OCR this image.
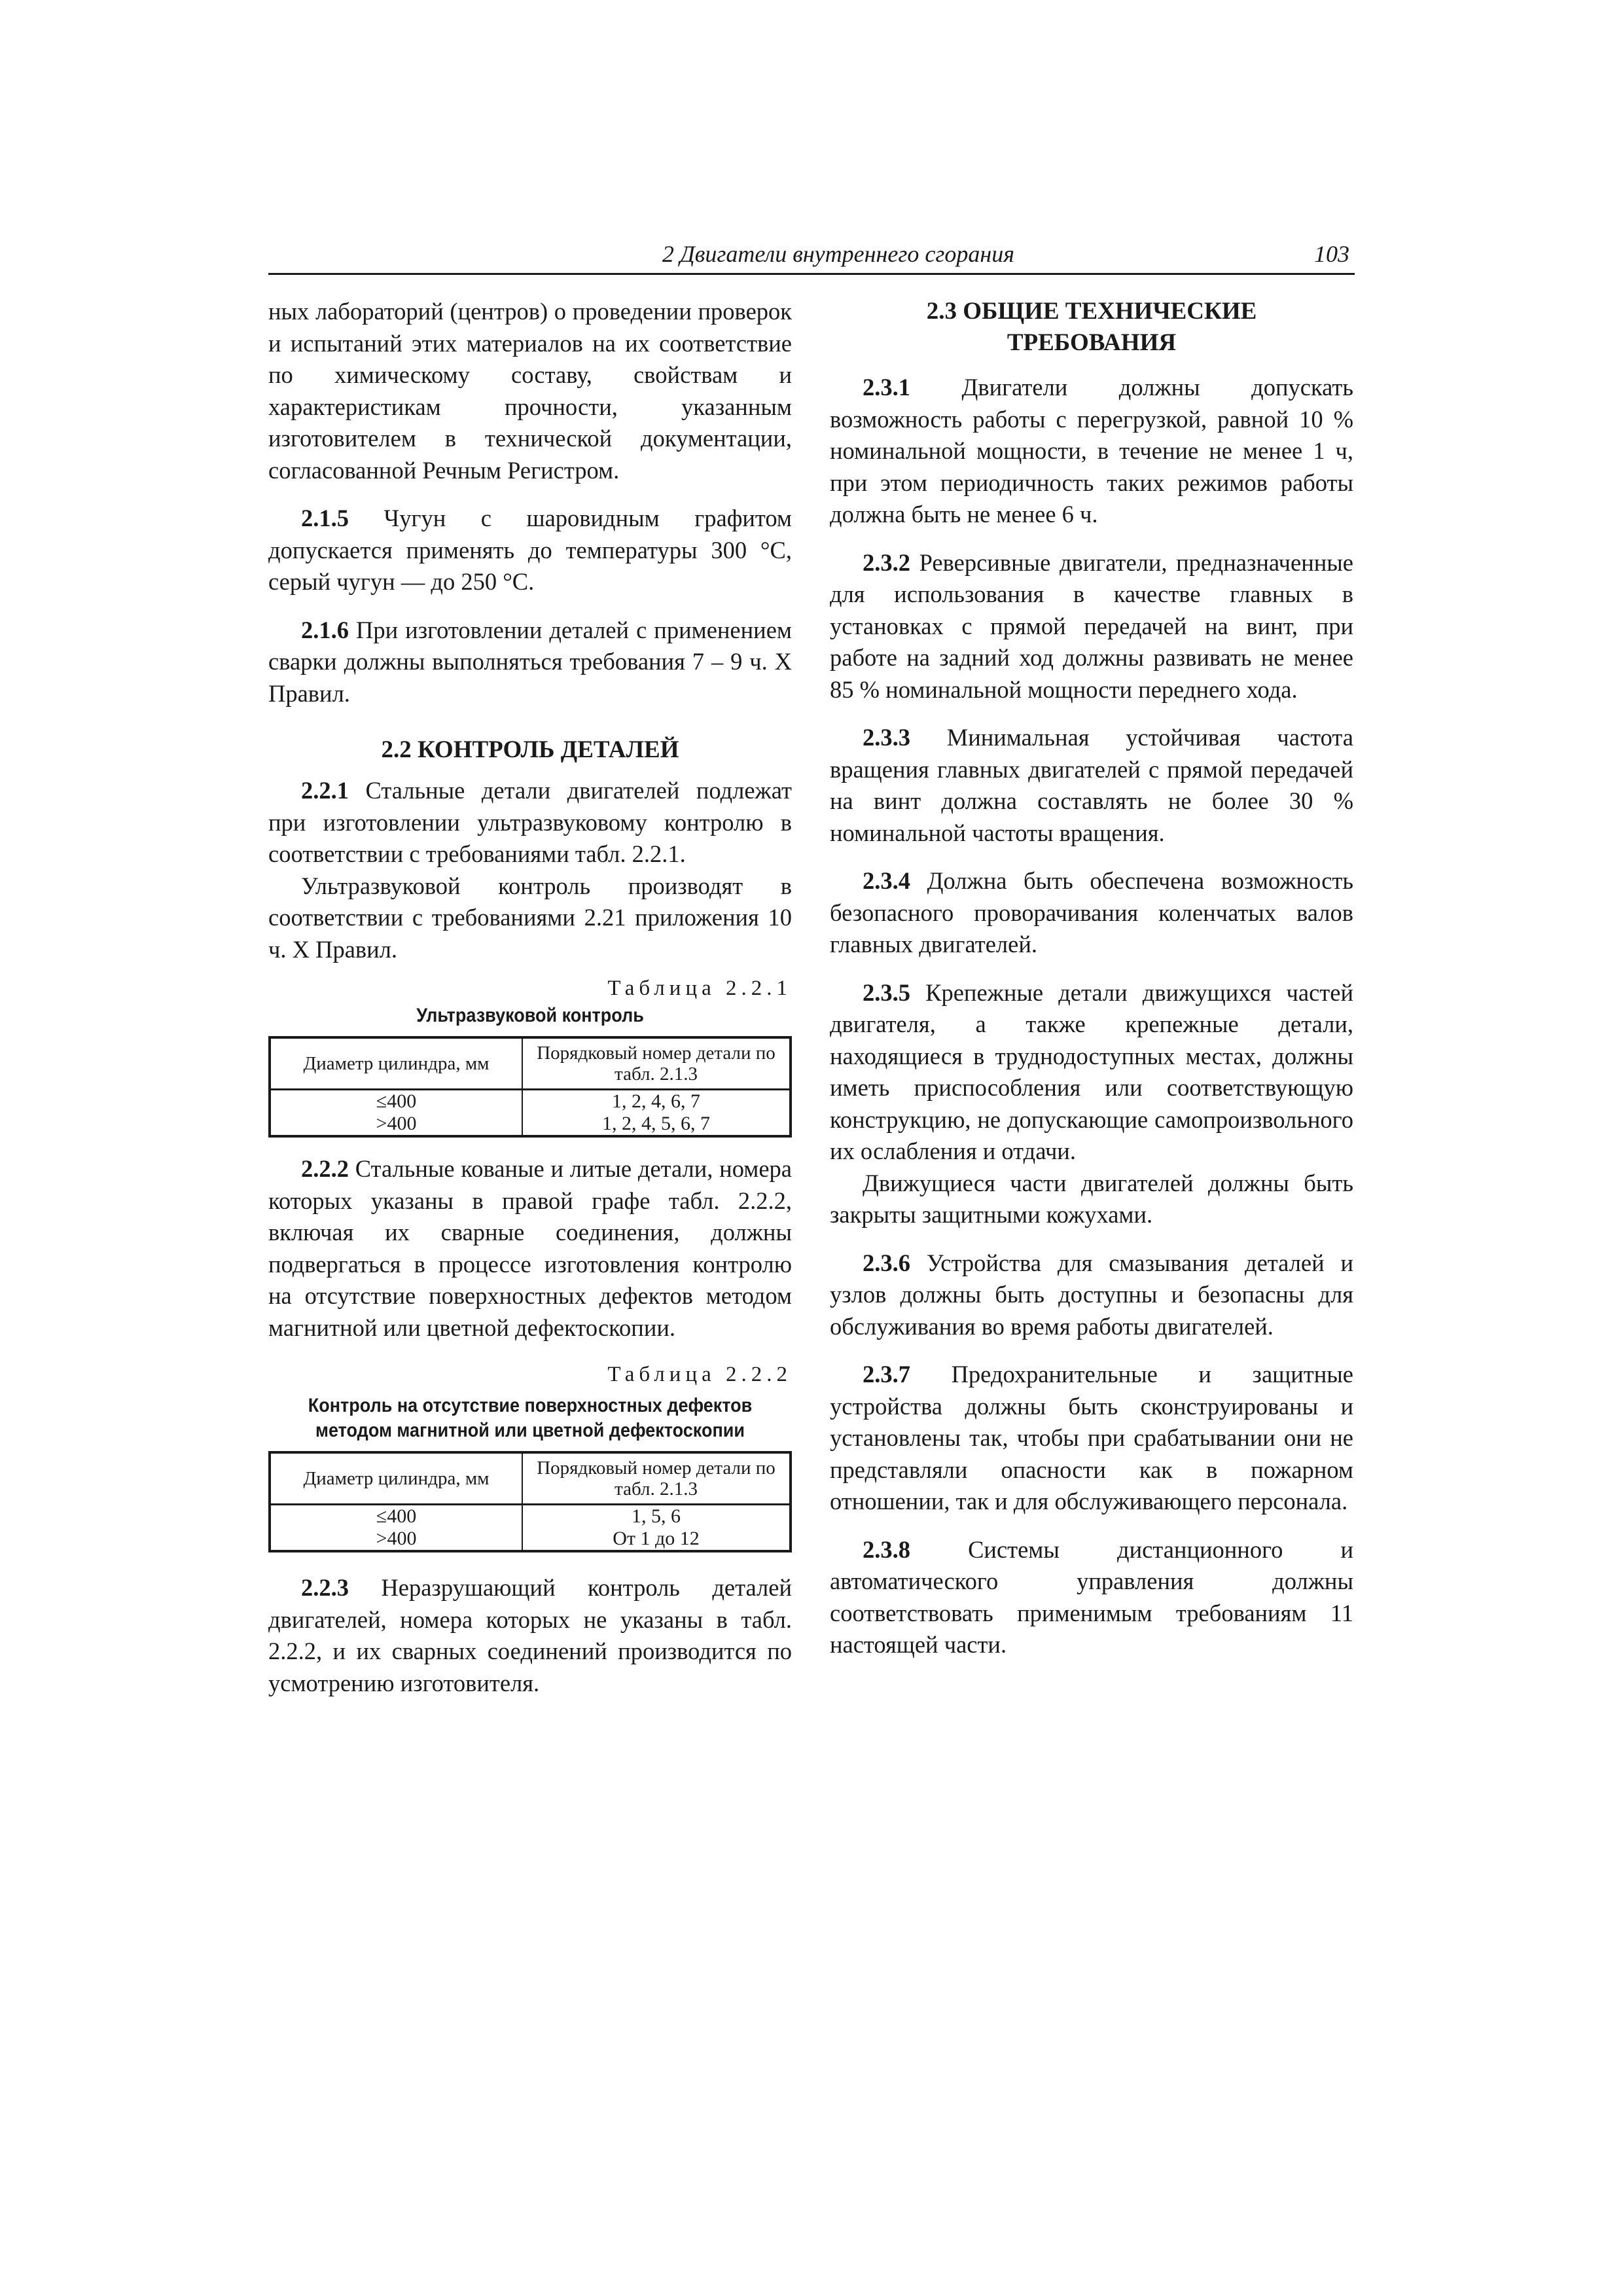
2 Двигатели внутреннего сгорания	103

ных лабораторий (центров) о проведении проверок и испытаний этих материалов на их соответствие по химическому составу, свойствам и характеристикам прочности, указанным изготовителем в технической документации, согласованной Речным Регистром.

2.1.5 Чугун с шаровидным графитом допускается применять до температуры 300 °С, серый чугун — до 250 °С.

2.1.6 При изготовлении деталей с применением сварки должны выполняться требования 7 – 9 ч. X Правил.

2.2 КОНТРОЛЬ ДЕТАЛЕЙ

2.2.1 Стальные детали двигателей подлежат при изготовлении ультразвуковому контролю в соответствии с требованиями табл. 2.2.1.

Ультразвуковой контроль производят в соответствии с требованиями 2.21 приложения 10 ч. X Правил.

Таблица 2.2.1

Ультразвуковой контроль

Диаметр цилиндра, мм	Порядковый номер детали по табл. 2.1.3
≤400	1, 2, 4, 6, 7
>400	1, 2, 4, 5, 6, 7

2.2.2 Стальные кованые и литые детали, номера которых указаны в правой графе табл. 2.2.2, включая их сварные соединения, должны подвергаться в процессе изготовления контролю на отсутствие поверхностных дефектов методом магнитной или цветной дефектоскопии.

Таблица 2.2.2

Контроль на отсутствие поверхностных дефектов

методом магнитной или цветной дефектоскопии

Диаметр цилиндра, мм	Порядковый номер детали по табл. 2.1.3
≤400	1, 5, 6
>400	От 1 до 12

2.2.3 Неразрушающий контроль деталей двигателей, номера которых не указаны в табл. 2.2.2, и их сварных соединений производится по усмотрению изготовителя.

2.3 ОБЩИЕ ТЕХНИЧЕСКИЕ
ТРЕБОВАНИЯ

2.3.1 Двигатели должны допускать возможность работы с перегрузкой, равной 10 % номинальной мощности, в течение не менее 1 ч, при этом периодичность таких режимов работы должна быть не менее 6 ч.

2.3.2 Реверсивные двигатели, предназначенные для использования в качестве главных в установках с прямой передачей на винт, при работе на задний ход должны развивать не менее 85 % номинальной мощности переднего хода.

2.3.3 Минимальная устойчивая частота вращения главных двигателей с прямой передачей на винт должна составлять не более 30 % номинальной частоты вращения.

2.3.4 Должна быть обеспечена возможность безопасного проворачивания коленчатых валов главных двигателей.

2.3.5 Крепежные детали движущихся частей двигателя, а также крепежные детали, находящиеся в труднодоступных местах, должны иметь приспособления или соответствующую конструкцию, не допускающие самопроизвольного их ослабления и отдачи.

Движущиеся части двигателей должны быть закрыты защитными кожухами.

2.3.6 Устройства для смазывания деталей и узлов должны быть доступны и безопасны для обслуживания во время работы двигателей.

2.3.7 Предохранительные и защитные устройства должны быть сконструированы и установлены так, чтобы при срабатывании они не представляли опасности как в пожарном отношении, так и для обслуживающего персонала.

2.3.8 Системы дистанционного и автоматического управления должны соответствовать применимым требованиям 11 настоящей части.
